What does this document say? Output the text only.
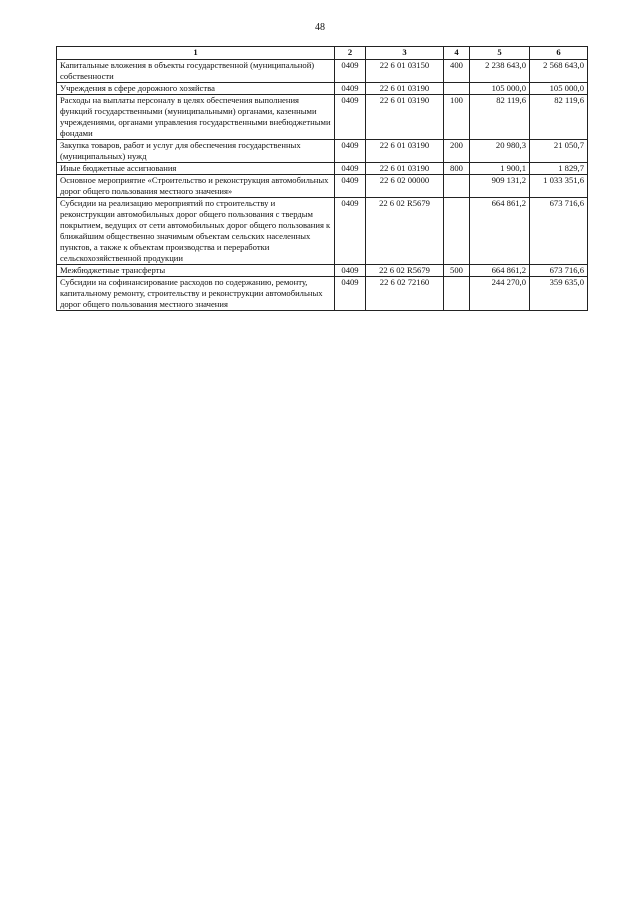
48
1	2	3	4	5	6
Капитальные вложения в объекты государственной (муниципальной) собственности	0409	22 6 01 03150	400	2 238 643,0	2 568 643,0
Учреждения в сфере дорожного хозяйства	0409	22 6 01 03190		105 000,0	105 000,0
Расходы на выплаты персоналу в целях обеспечения выполнения функций государственными (муниципальными) органами, казенными учреждениями, органами управления государственными внебюджетными фондами	0409	22 6 01 03190	100	82 119,6	82 119,6
Закупка товаров, работ и услуг для обеспечения государственных (муниципальных) нужд	0409	22 6 01 03190	200	20 980,3	21 050,7
Иные бюджетные ассигнования	0409	22 6 01 03190	800	1 900,1	1 829,7
Основное мероприятие «Строительство и реконструкция автомобильных дорог общего пользования местного значения»	0409	22 6 02 00000		909 131,2	1 033 351,6
Субсидии на реализацию мероприятий по строительству и реконструкции автомобильных дорог общего пользования с твердым покрытием, ведущих от сети автомобильных дорог общего пользования к ближайшим общественно значимым объектам сельских населенных пунктов, а также к объектам производства и переработки сельскохозяйственной продукции	0409	22 6 02 R5679		664 861,2	673 716,6
Межбюджетные трансферты	0409	22 6 02 R5679	500	664 861,2	673 716,6
Субсидии на софинансирование расходов по содержанию, ремонту, капитальному ремонту, строительству и реконструкции автомобильных дорог общего пользования местного значения	0409	22 6 02 72160		244 270,0	359 635,0
